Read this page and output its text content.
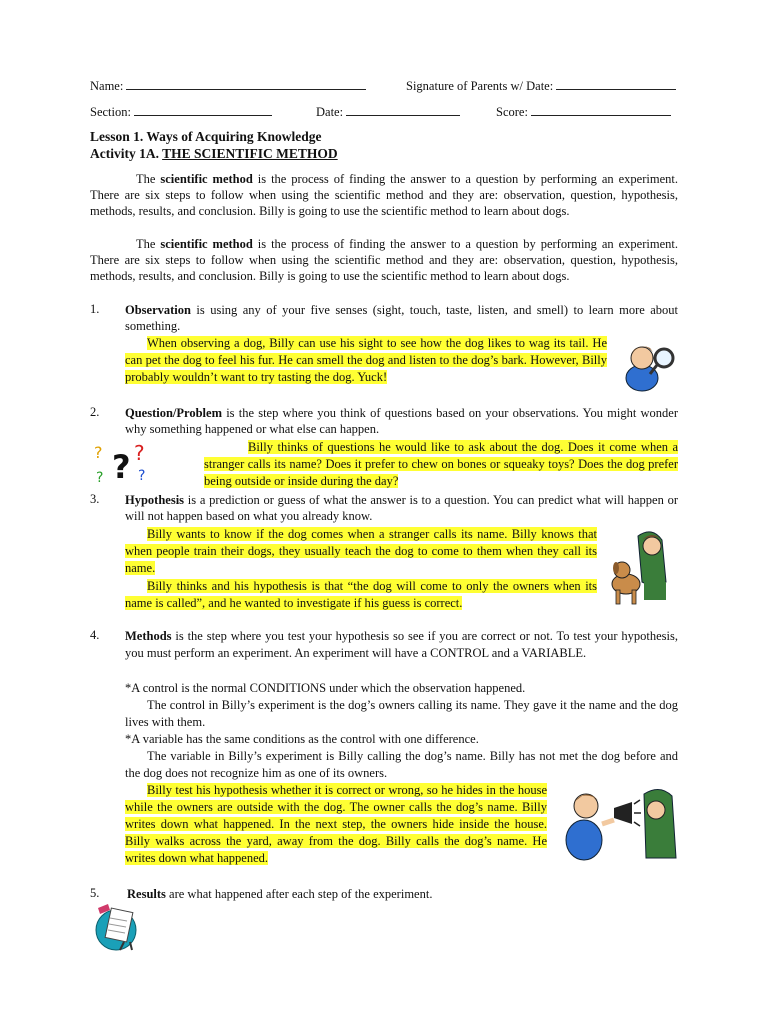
Name:	Signature of Parents w/ Date:
Section:	Date:	Score:
Lesson 1. Ways of Acquiring Knowledge
Activity 1A. THE SCIENTIFIC METHOD
The scientific method is the process of finding the answer to a question by performing an experiment. There are six steps to follow when using the scientific method and they are: observation, question, hypothesis, methods, results, and conclusion. Billy is going to use the scientific method to learn about dogs.
The scientific method is the process of finding the answer to a question by performing an experiment. There are six steps to follow when using the scientific method and they are: observation, question, hypothesis, methods, results, and conclusion. Billy is going to use the scientific method to learn about dogs.
1. Observation is using any of your five senses (sight, touch, taste, listen, and smell) to learn more about something.
When observing a dog, Billy can use his sight to see how the dog likes to wag its tail. He can pet the dog to feel his fur. He can smell the dog and listen to the dog’s bark. However, Billy probably wouldn’t want to try tasting the dog. Yuck!
2. Question/Problem is the step where you think of questions based on your observations. You might wonder why something happened or what else can happen.
Billy thinks of questions he would like to ask about the dog. Does it come when a stranger calls its name? Does it prefer to chew on bones or squeaky toys? Does the dog prefer being outside or inside during the day?
? ? ?
? ?
3. Hypothesis is a prediction or guess of what the answer is to a question. You can predict what will happen or will not happen based on what you already know.
Billy wants to know if the dog comes when a stranger calls its name. Billy knows that when people train their dogs, they usually teach the dog to come to them when they call its name.
Billy thinks and his hypothesis is that “the dog will come to only the owners when its name is called”, and he wanted to investigate if his guess is correct.
4. Methods is the step where you test your hypothesis so see if you are correct or not. To test your hypothesis, you must perform an experiment. An experiment will have a CONTROL and a VARIABLE.
*A control is the normal CONDITIONS under which the observation happened.
The control in Billy’s experiment is the dog’s owners calling its name. They gave it the name and the dog lives with them.
*A variable has the same conditions as the control with one difference.
The variable in Billy’s experiment is Billy calling the dog’s name. Billy has not met the dog before and the dog does not recognize him as one of its owners.
Billy test his hypothesis whether it is correct or wrong, so he hides in the house while the owners are outside with the dog. The owner calls the dog’s name. Billy writes down what happened. In the next step, the owners hide inside the house. Billy walks across the yard, away from the dog. Billy calls the dog’s name. He writes down what happened.
5. Results are what happened after each step of the experiment.
